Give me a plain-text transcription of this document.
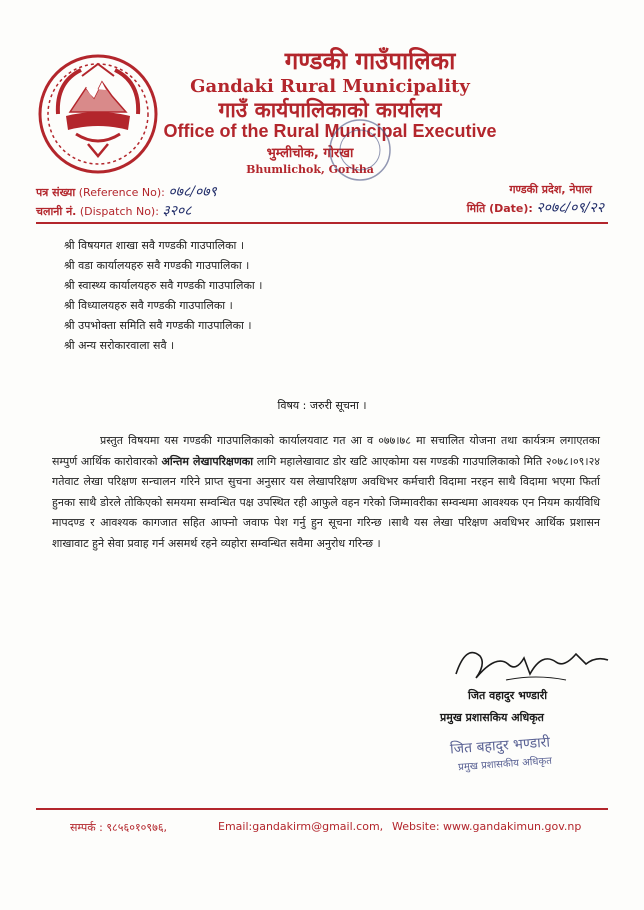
गण्डकी गाउँपालिका
Gandaki Rural Municipality
गाउँ कार्यपालिकाको कार्यालय
Office of the Rural Municipal Executive
भुम्लीचोक, गोरखा
Bhumlichok, Gorkha
पत्र संख्या (Reference No): ०७८/०७९
चलानी नं. (Dispatch No): ३२०८
गण्डकी प्रदेश, नेपाल
मिति (Date): २०७८/०९/२२
श्री विषयगत शाखा सवै गण्डकी गाउपालिका ।
श्री वडा कार्यालयहरु सवै गण्डकी गाउपालिका ।
श्री स्वास्थ्य कार्यालयहरु सवै गण्डकी गाउपालिका ।
श्री विध्यालयहरु सवै गण्डकी गाउपालिका ।
श्री उपभोक्ता समिति सवै गण्डकी गाउपालिका ।
श्री अन्य सरोकारवाला सवै ।
विषय : जरुरी सूचना ।

प्रस्तुत विषयमा यस गण्डकी गाउपालिकाको कार्यालयवाट गत आ व ०७७।७८ मा सचालित योजना तथा कार्यत्रःम लगाएतका सम्पुर्ण आर्थिक कारोवारको अन्तिम लेखापरिक्षणका लागि महालेखावाट डोर खटि आएकोमा यस गण्डकी गाउपालिकाको मिति २०७८।०९।२४ गतेवाट लेखा परिक्षण सन्चालन गरिने प्राप्त सुचना अनुसार यस लेखापरिक्षण अवधिभर कर्मचारी विदामा नरहन साथै विदामा भएमा फिर्ता हुनका साथै डोरले तोकिएको समयमा सम्वन्धित पक्ष उपस्थित रही आफुले वहन गरेको जिम्मावरीका सम्वन्धमा आवश्यक एन नियम कार्यविधि मापदण्ड र आवश्यक कागजात सहित आफ्नो जवाफ पेश गर्नु हुन सूचना गरिन्छ ।साथै यस लेखा परिक्षण अवधिभर आर्थिक प्रशासन शाखावाट हुने सेवा प्रवाह गर्न असमर्थ रहने व्यहोरा सम्वन्धित सवैमा अनुरोध गरिन्छ ।

जित वहादुर भण्डारी
प्रमुख प्रशासकिय अधिकृत
जित बहादुर भण्डारी
प्रमुख प्रशासकीय अधिकृत
सम्पर्क : ९८५६०१०९७६,	Email:gandakirm@gmail.com, Website: www.gandakimun.gov.np
